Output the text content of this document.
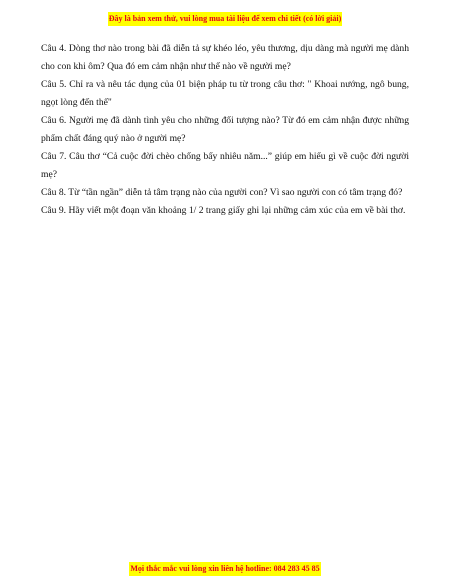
Đây là bản xem thử, vui lòng mua tài liệu để xem chi tiết (có lời giải)

Câu 4. Dòng thơ nào trong bài đã diễn tả sự khéo léo, yêu thương, dịu dàng mà người mẹ dành cho con khi ôm? Qua đó em cảm nhận như thế nào về người mẹ?

Câu 5. Chỉ ra và nêu tác dụng của 01 biện pháp tu từ trong câu thơ: " Khoai nướng, ngô bung, ngọt lòng đến thế"

Câu 6. Người mẹ đã dành tình yêu cho những đối tượng nào? Từ đó em cảm nhận được những phẩm chất đáng quý nào ở người mẹ?

Câu 7. Câu thơ “Cả cuộc đời chèo chống bấy nhiêu năm...” giúp em hiểu gì về cuộc đời người mẹ?

Câu 8. Từ “tần ngần” diễn tả tâm trạng nào của người con? Vì sao người con có tâm trạng đó?

Câu 9. Hãy viết một đoạn văn khoảng 1/ 2 trang giấy ghi lại những cảm xúc của em về bài thơ.

Mọi thắc mắc vui lòng xin liên hệ hotline: 084 283 45 85
